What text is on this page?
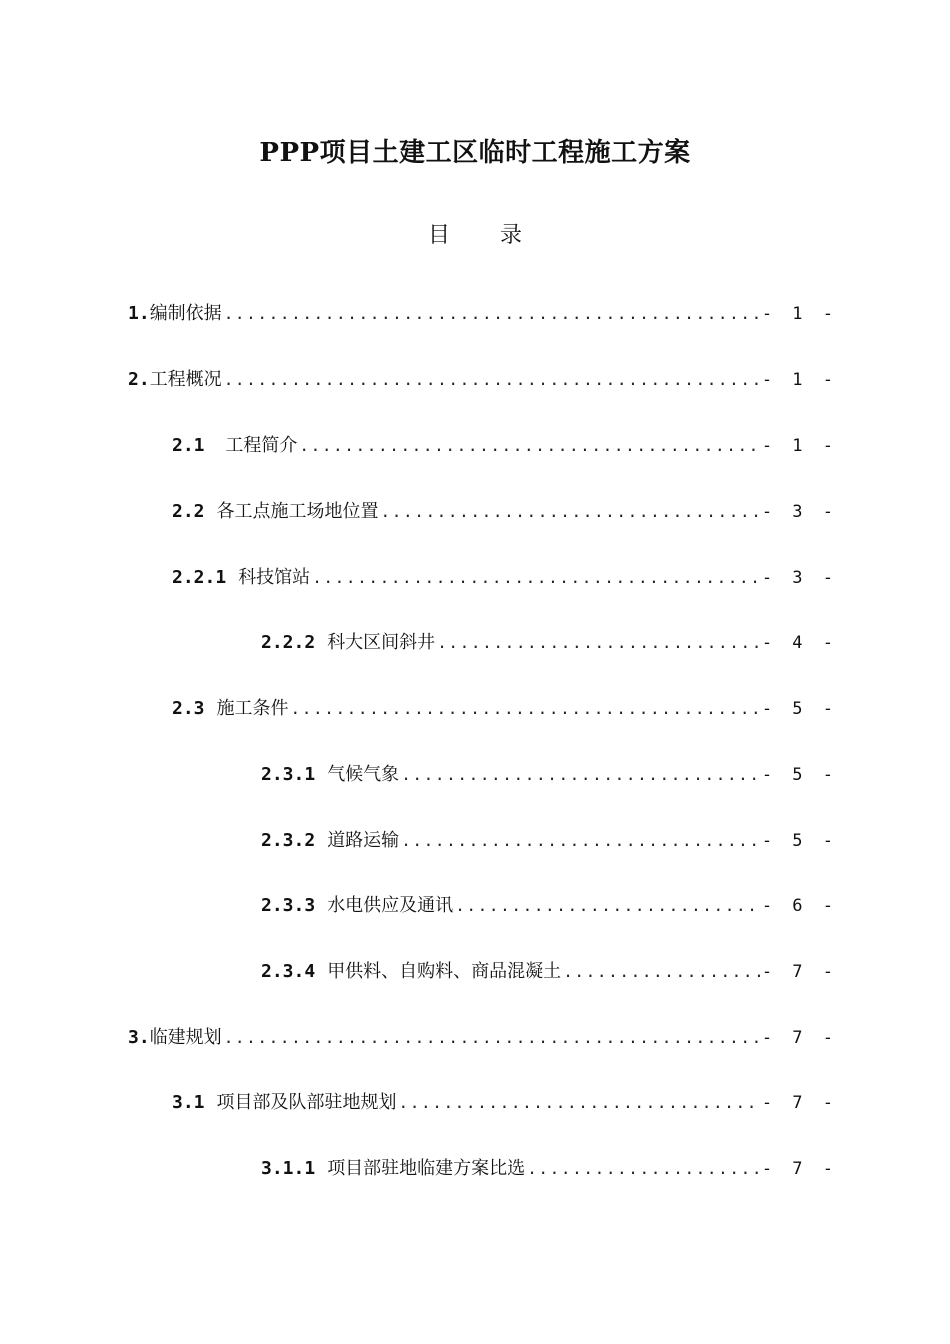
PPP项目土建工区临时工程施工方案
目 录
1. 编制依据 .....	- 1 -
2. 工程概况 .....	- 1 -
2.1	工程简介 .....	- 1 -
2.2 各工点施工场地位置 .....	- 3 -
2.2.1 科技馆站 .....	- 3 -
2.2.2 科大区间斜井 .....	- 4 -
2.3 施工条件 .....	- 5 -
2.3.1 气候气象 .....	- 5 -
2.3.2 道路运输 .....	- 5 -
2.3.3 水电供应及通讯 .....	- 6 -
2.3.4 甲供料、自购料、商品混凝土 .....	- 7 -
3. 临建规划 .....	- 7 -
3.1 项目部及队部驻地规划 .....	- 7 -
3.1.1 项目部驻地临建方案比选 .....	- 7 -
